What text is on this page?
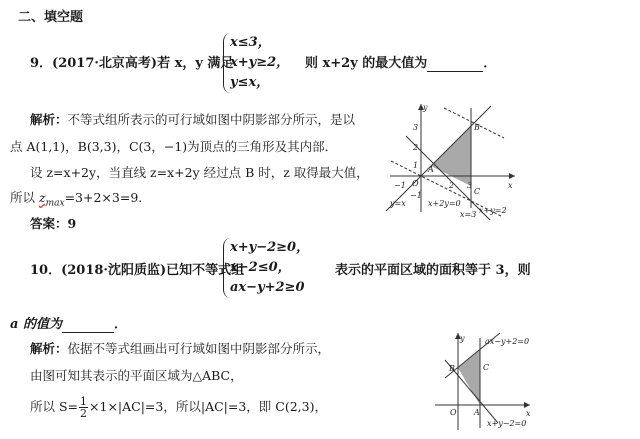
二、填空题
9．(2017·北京高考)若 x，y 满足
x≤3，
x+y≥2，
y≤x，
则 x+2y 的最大值为	．
解析：不等式组所表示的可行域如图中阴影部分所示，是以
点 A(1,1)，B(3,3)，C(3，−1)为顶点的三角形及其内部．
设 z=x+2y，当直线 z=x+2y 经过点 B 时，z 取得最大值，
所以 $z_{max}=3+2\times 3=9$.
答案：9
y
x
O
A
B
C
3
2
1
−1
−1	2 3
y=x	x+2y=0
x=3 x+y=2
10．(2018·沈阳质监)已知不等式组
x+y−2≥0，
x−2≤0，
ax−y+2≥0
表示的平面区域的面积等于 3，则
a 的值为	．
解析：依据不等式组画出可行域如图中阴影部分所示，
由图可知其表示的平面区域为△ABC，
所以 $S= \frac{1}{2}\times 1\times|AC|=3$，所以|AC|=3，即 C(2,3)，
y
x
O A
B	C
ax−y+2=0
x+y−2=0
